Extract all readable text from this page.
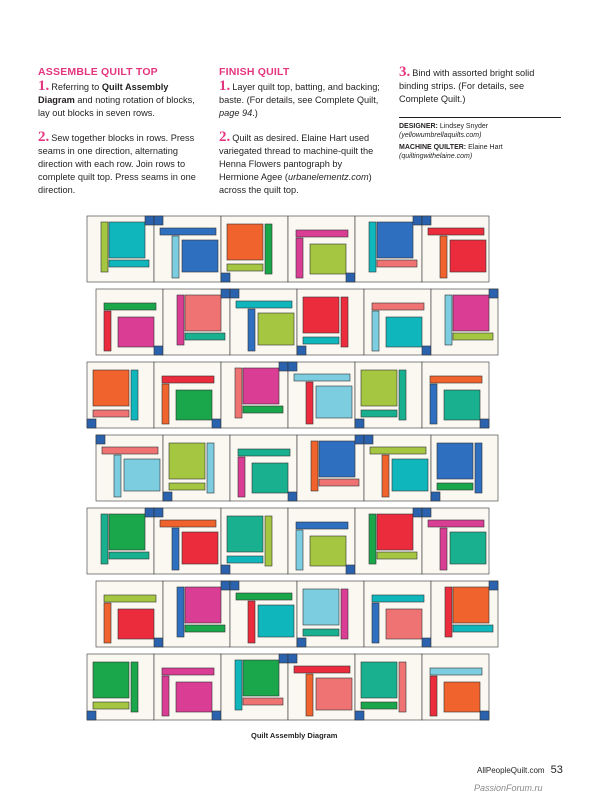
ASSEMBLE QUILT TOP

1. Referring to Quilt Assembly Diagram and noting rotation of blocks, lay out blocks in seven rows.

2. Sew together blocks in rows. Press seams in one direction, alternating direction with each row. Join rows to complete quilt top. Press seams in one direction.

FINISH QUILT

1. Layer quilt top, batting, and backing; baste. (For details, see Complete Quilt, page 94.)

2. Quilt as desired. Elaine Hart used variegated thread to machine-quilt the Henna Flowers pantograph by Hermione Agee (urbanelementz.com) across the quilt top.

3. Bind with assorted bright solid binding strips. (For details, see Complete Quilt.)

DESIGNER: Lindsey Snyder
(yellowumbrellaquilts.com)
MACHINE QUILTER: Elaine Hart
(quiltingwithelaine.com)
Quilt Assembly Diagram
AllPeopleQuilt.com 53
PassionForum.ru
